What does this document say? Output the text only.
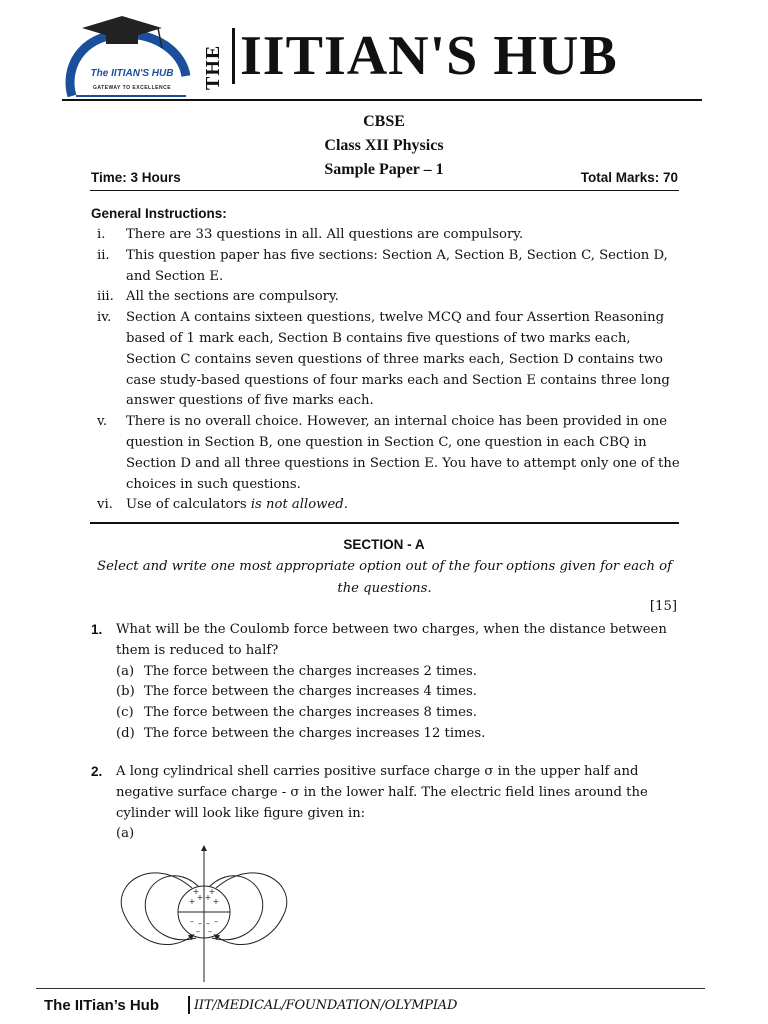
The IITIAN'S HUB
GATEWAY TO EXCELLENCE THE IITIAN'S HUB
CBSE
Class XII Physics
Sample Paper – 1
Time: 3 Hours	Total Marks: 70
General Instructions:
i. There are 33 questions in all. All questions are compulsory.
ii. This question paper has five sections: Section A, Section B, Section C, Section D, and Section E.
iii. All the sections are compulsory.
iv. Section A contains sixteen questions, twelve MCQ and four Assertion Reasoning based of 1 mark each, Section B contains five questions of two marks each, Section C contains seven questions of three marks each, Section D contains two case study-based questions of four marks each and Section E contains three long answer questions of five marks each.
v. There is no overall choice. However, an internal choice has been provided in one question in Section B, one question in Section C, one question in each CBQ in Section D and all three questions in Section E. You have to attempt only one of the choices in such questions.
vi. Use of calculators is not allowed.
SECTION - A
Select and write one most appropriate option out of the four options given for each of the questions.
[15]
1. What will be the Coulomb force between two charges, when the distance between them is reduced to half?
(a) The force between the charges increases 2 times.
(b) The force between the charges increases 4 times.
(c) The force between the charges increases 8 times.
(d) The force between the charges increases 12 times.
2. A long cylindrical shell carries positive surface charge σ in the upper half and negative surface charge - σ in the lower half. The electric field lines around the cylinder will look like figure given in:
(a)
+ + + +
+ +
– – – –
– –
The IITian’s Hub	IIT/MEDICAL/FOUNDATION/OLYMPIAD
